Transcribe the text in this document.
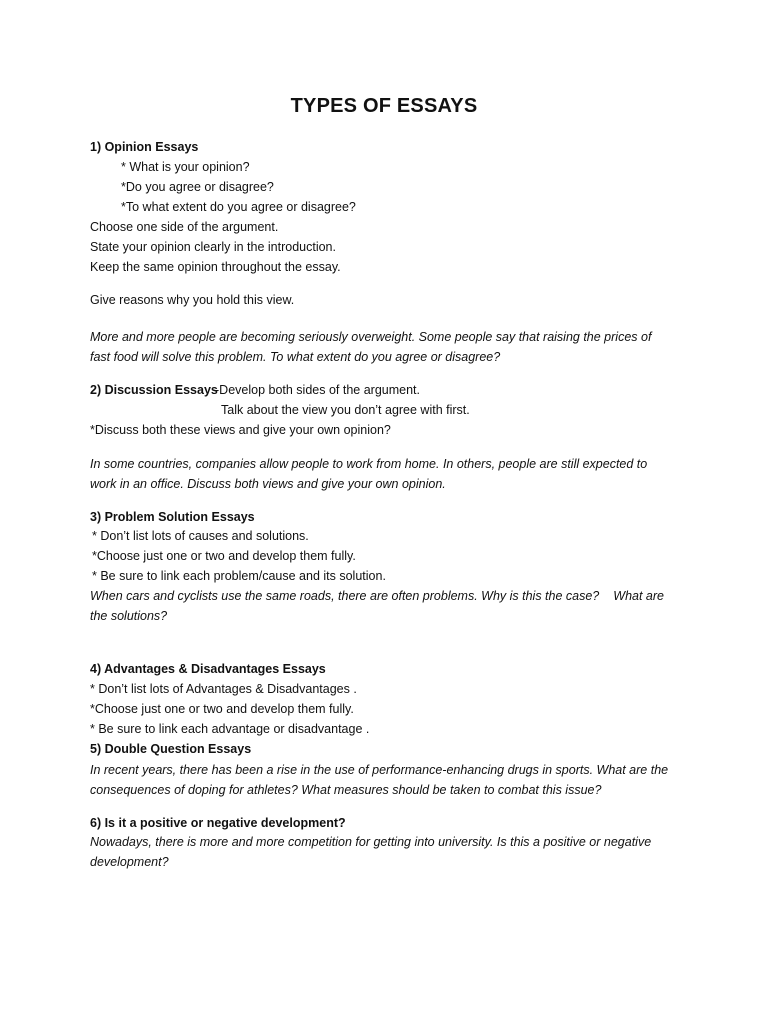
TYPES OF ESSAYS
1) Opinion Essays
* What is your opinion?
*Do you agree or disagree?
*To what extent do you agree or disagree?
Choose one side of the argument.
State your opinion clearly in the introduction.
Keep the same opinion throughout the essay.
Give reasons why you hold this view.
More and more people are becoming seriously overweight. Some people say that raising the prices of
fast food will solve this problem. To what extent do you agree or disagree?
2) Discussion Essays
-Develop both sides of the argument.
Talk about the view you don’t agree with first.
*Discuss both these views and give your own opinion?
In some countries, companies allow people to work from home. In others, people are still expected to
work in an office. Discuss both views and give your own opinion.
3) Problem Solution Essays
* Don’t list lots of causes and solutions.
*Choose just one or two and develop them fully.
* Be sure to link each problem/cause and its solution.
When cars and cyclists use the same roads, there are often problems. Why is this the case? What are
the solutions?
4) Advantages & Disadvantages Essays
* Don’t list lots of Advantages & Disadvantages .
*Choose just one or two and develop them fully.
* Be sure to link each advantage or disadvantage .
5) Double Question Essays
In recent years, there has been a rise in the use of performance-enhancing drugs in sports. What are the
consequences of doping for athletes? What measures should be taken to combat this issue?
6) Is it a positive or negative development?
Nowadays, there is more and more competition for getting into university. Is this a positive or negative
development?
